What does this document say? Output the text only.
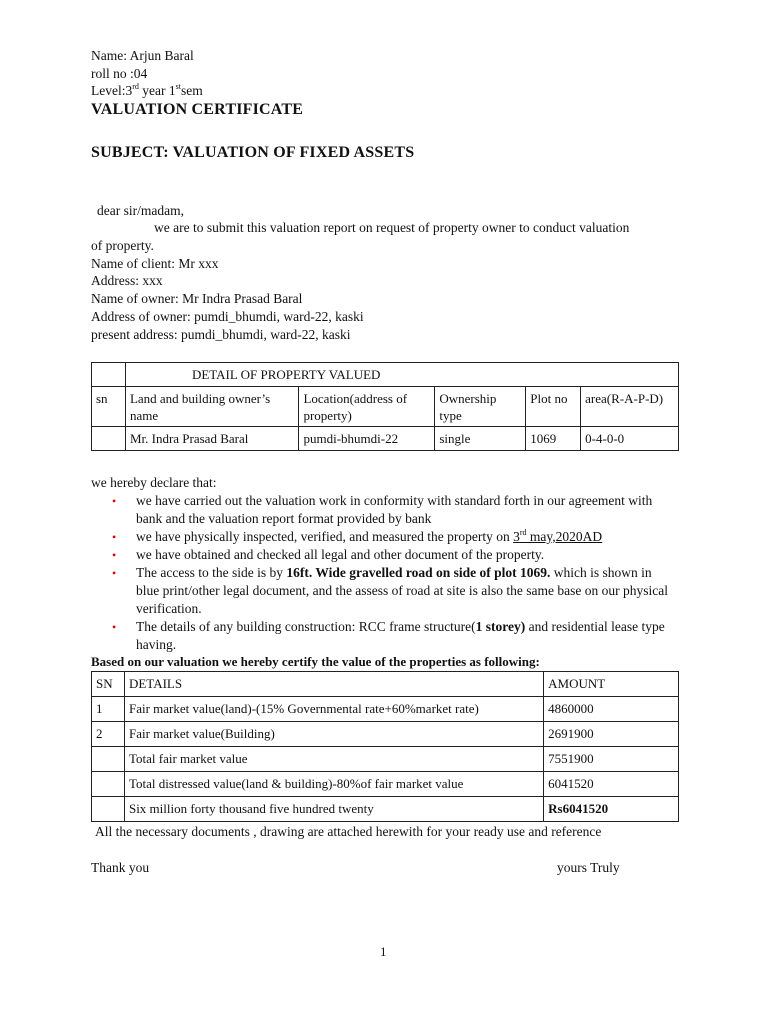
Name: Arjun Baral
roll no :04
Level:3rd year 1stsem
VALUATION CERTIFICATE
SUBJECT: VALUATION OF FIXED ASSETS
dear sir/madam,
we are to submit this valuation report on request of property owner to conduct valuation
of property.
Name of client: Mr xxx
Address: xxx
Name of owner: Mr Indra Prasad Baral
Address of owner: pumdi_bhumdi, ward-22, kaski
present address: pumdi_bhumdi, ward-22, kaski
	DETAIL OF PROPERTY VALUED				
sn	Land and building owner’s name	Location(address of property)	Ownership type	Plot no	area(R-A-P-D)
	Mr. Indra Prasad Baral	pumdi-bhumdi-22	single	1069	0-4-0-0
we hereby declare that:
• we have carried out the valuation work in conformity with standard forth in our agreement with bank and the valuation report format provided by bank
• we have physically inspected, verified, and measured the property on 3rd may,2020AD
• we have obtained and checked all legal and other document of the property.
• The access to the side is by 16ft. Wide gravelled road on side of plot 1069. which is shown in blue print/other legal document, and the assess of road at site is also the same base on our physical verification.
• The details of any building construction: RCC frame structure(1 storey) and residential lease type having.
Based on our valuation we hereby certify the value of the properties as following:
SN	DETAILS	AMOUNT
1	Fair market value(land)-(15% Governmental rate+60%market rate)	4860000
2	Fair market value(Building)	2691900
	Total fair market value	7551900
	Total distressed value(land & building)-80%of fair market value	6041520
	Six million forty thousand five hundred twenty	Rs6041520
All the necessary documents , drawing are attached herewith for your ready use and reference
Thank you	yours Truly
1
